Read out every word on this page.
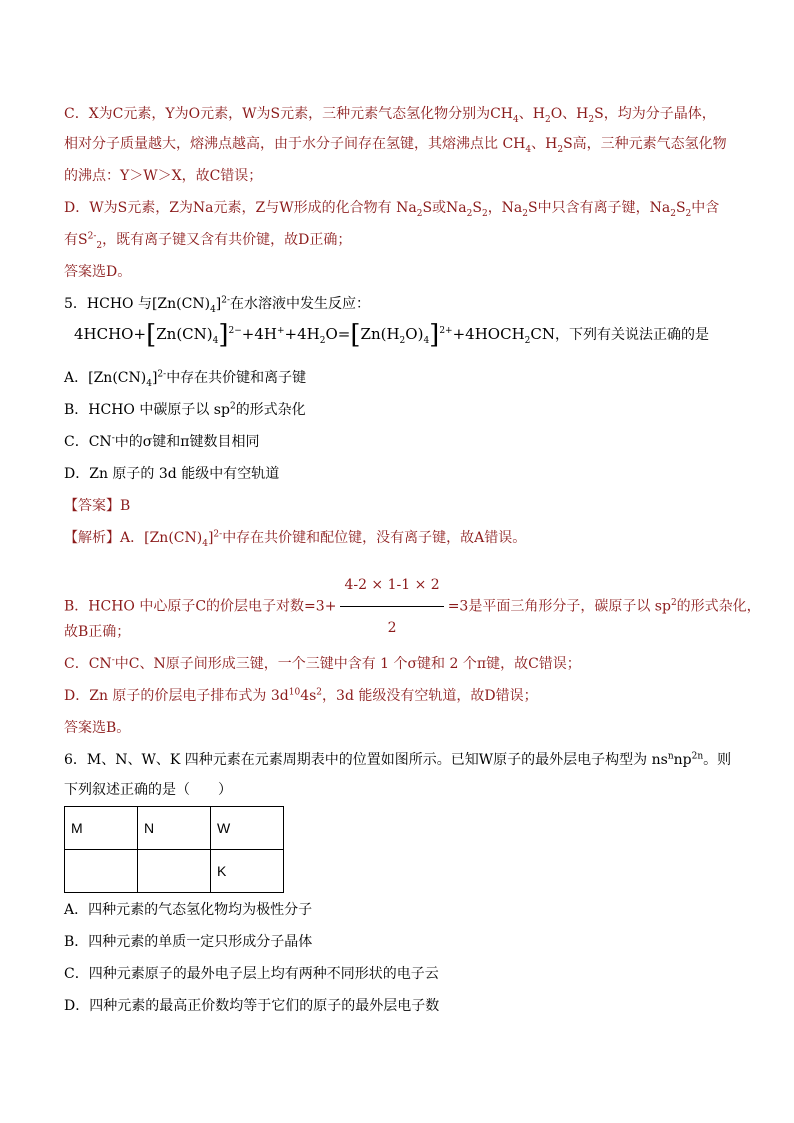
C．X为C元素，Y为O元素，W为S元素，三种元素气态氢化物分别为$CH_4$、$H_2O$、$H_2S$，均为分子晶体，
相对分子质量越大，熔沸点越高，由于水分子间存在氢键，其熔沸点比 $CH_4$、$H_2S$高，三种元素气态氢化物
的沸点：Y＞W＞X，故C错误；
D．W为S元素，Z为Na元素，Z与W形成的化合物有 $Na_2S$或$Na_2S_2$，$Na_2S$中只含有离子键，$Na_2S_2$中含
有$S^{2-}_2$，既有离子键又含有共价键，故D正确；
答案选D。
5．HCHO 与$[Zn(CN)_4]^{2-}$在水溶液中发生反应：
$4HCHO+[Zn(CN)_4]^{2-}+4H^++4H_2O=[Zn(H_2O)_4]^{2+}+4HOCH_2CN$，下列有关说法正确的是
A．$[Zn(CN)_4]^{2-}$中存在共价键和离子键
B．HCHO 中碳原子以 $sp^2$的形式杂化
C．CN-中的σ键和π键数目相同
D．Zn 原子的 3d 能级中有空轨道
【答案】B
【解析】A．$[Zn(CN)_4]^{2-}$中存在共价键和配位键，没有离子键，故A错误。
B．HCHO 中心原子C的价层电子对数$=3+ \frac{4-2 \times 1-1 \times 2}{2} =3$是平面三角形分子，碳原子以 $sp^2$的形式杂化，
故B正确；
C．CN-中C、N原子间形成三键，一个三键中含有 1 个σ键和 2 个π键，故C错误；
D．Zn 原子的价层电子排布式为 $3d^{10}4s^2$，3d 能级没有空轨道，故D错误；
答案选B。
6．M、N、W、K 四种元素在元素周期表中的位置如图所示。已知W原子的最外层电子构型为 $ns^nnp^{2n}$。则
下列叙述正确的是（　　）
M	N	W
		K
A．四种元素的气态氢化物均为极性分子
B．四种元素的单质一定只形成分子晶体
C．四种元素原子的最外电子层上均有两种不同形状的电子云
D．四种元素的最高正价数均等于它们的原子的最外层电子数
